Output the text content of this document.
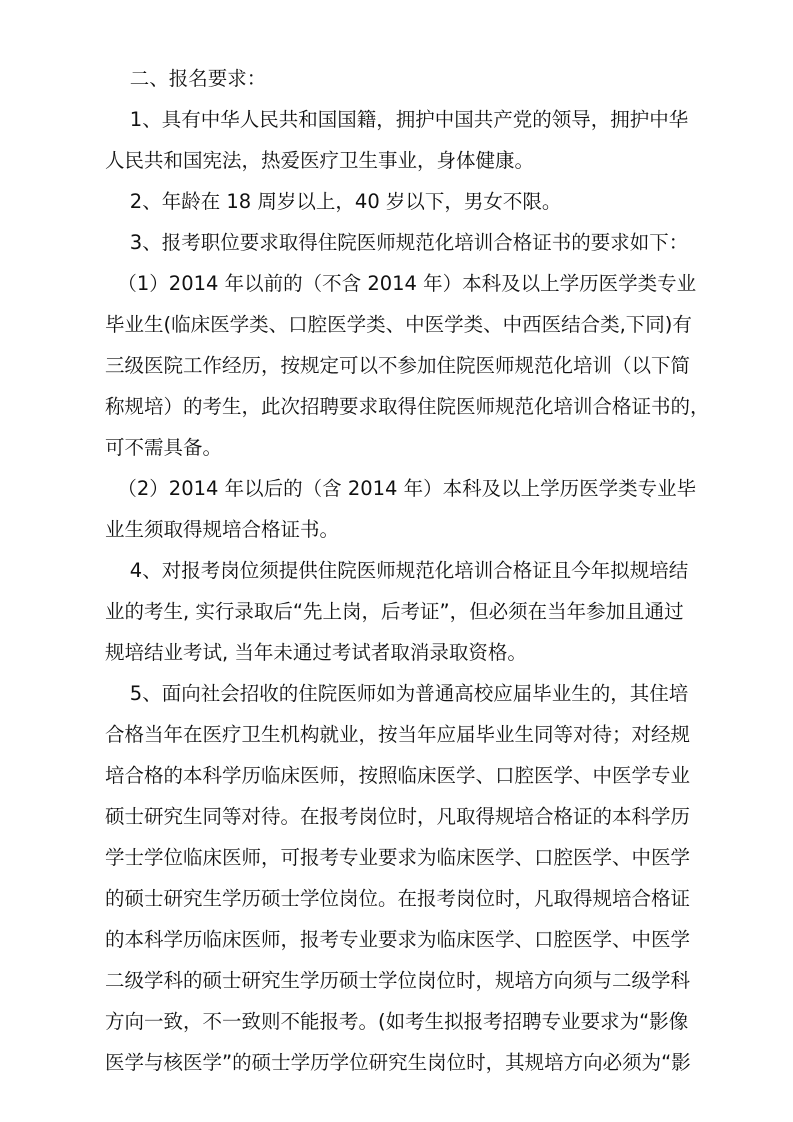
二、报名要求：
1、具有中华人民共和国国籍，拥护中国共产党的领导，拥护中华
人民共和国宪法，热爱医疗卫生事业，身体健康。
2、年龄在 18 周岁以上，40 岁以下，男女不限。
3、报考职位要求取得住院医师规范化培训合格证书的要求如下：
（1）2014 年以前的（不含 2014 年）本科及以上学历医学类专业
毕业生(临床医学类、口腔医学类、中医学类、中西医结合类,下同)有
三级医院工作经历，按规定可以不参加住院医师规范化培训（以下简
称规培）的考生，此次招聘要求取得住院医师规范化培训合格证书的，
可不需具备。
（2）2014 年以后的（含 2014 年）本科及以上学历医学类专业毕
业生须取得规培合格证书。
4、对报考岗位须提供住院医师规范化培训合格证且今年拟规培结
业的考生, 实行录取后“先上岗，后考证”，但必须在当年参加且通过
规培结业考试, 当年未通过考试者取消录取资格。
5、面向社会招收的住院医师如为普通高校应届毕业生的，其住培
合格当年在医疗卫生机构就业，按当年应届毕业生同等对待；对经规
培合格的本科学历临床医师，按照临床医学、口腔医学、中医学专业
硕士研究生同等对待。在报考岗位时，凡取得规培合格证的本科学历
学士学位临床医师，可报考专业要求为临床医学、口腔医学、中医学
的硕士研究生学历硕士学位岗位。在报考岗位时，凡取得规培合格证
的本科学历临床医师，报考专业要求为临床医学、口腔医学、中医学
二级学科的硕士研究生学历硕士学位岗位时，规培方向须与二级学科
方向一致，不一致则不能报考。(如考生拟报考招聘专业要求为“影像
医学与核医学”的硕士学历学位研究生岗位时，其规培方向必须为“影
